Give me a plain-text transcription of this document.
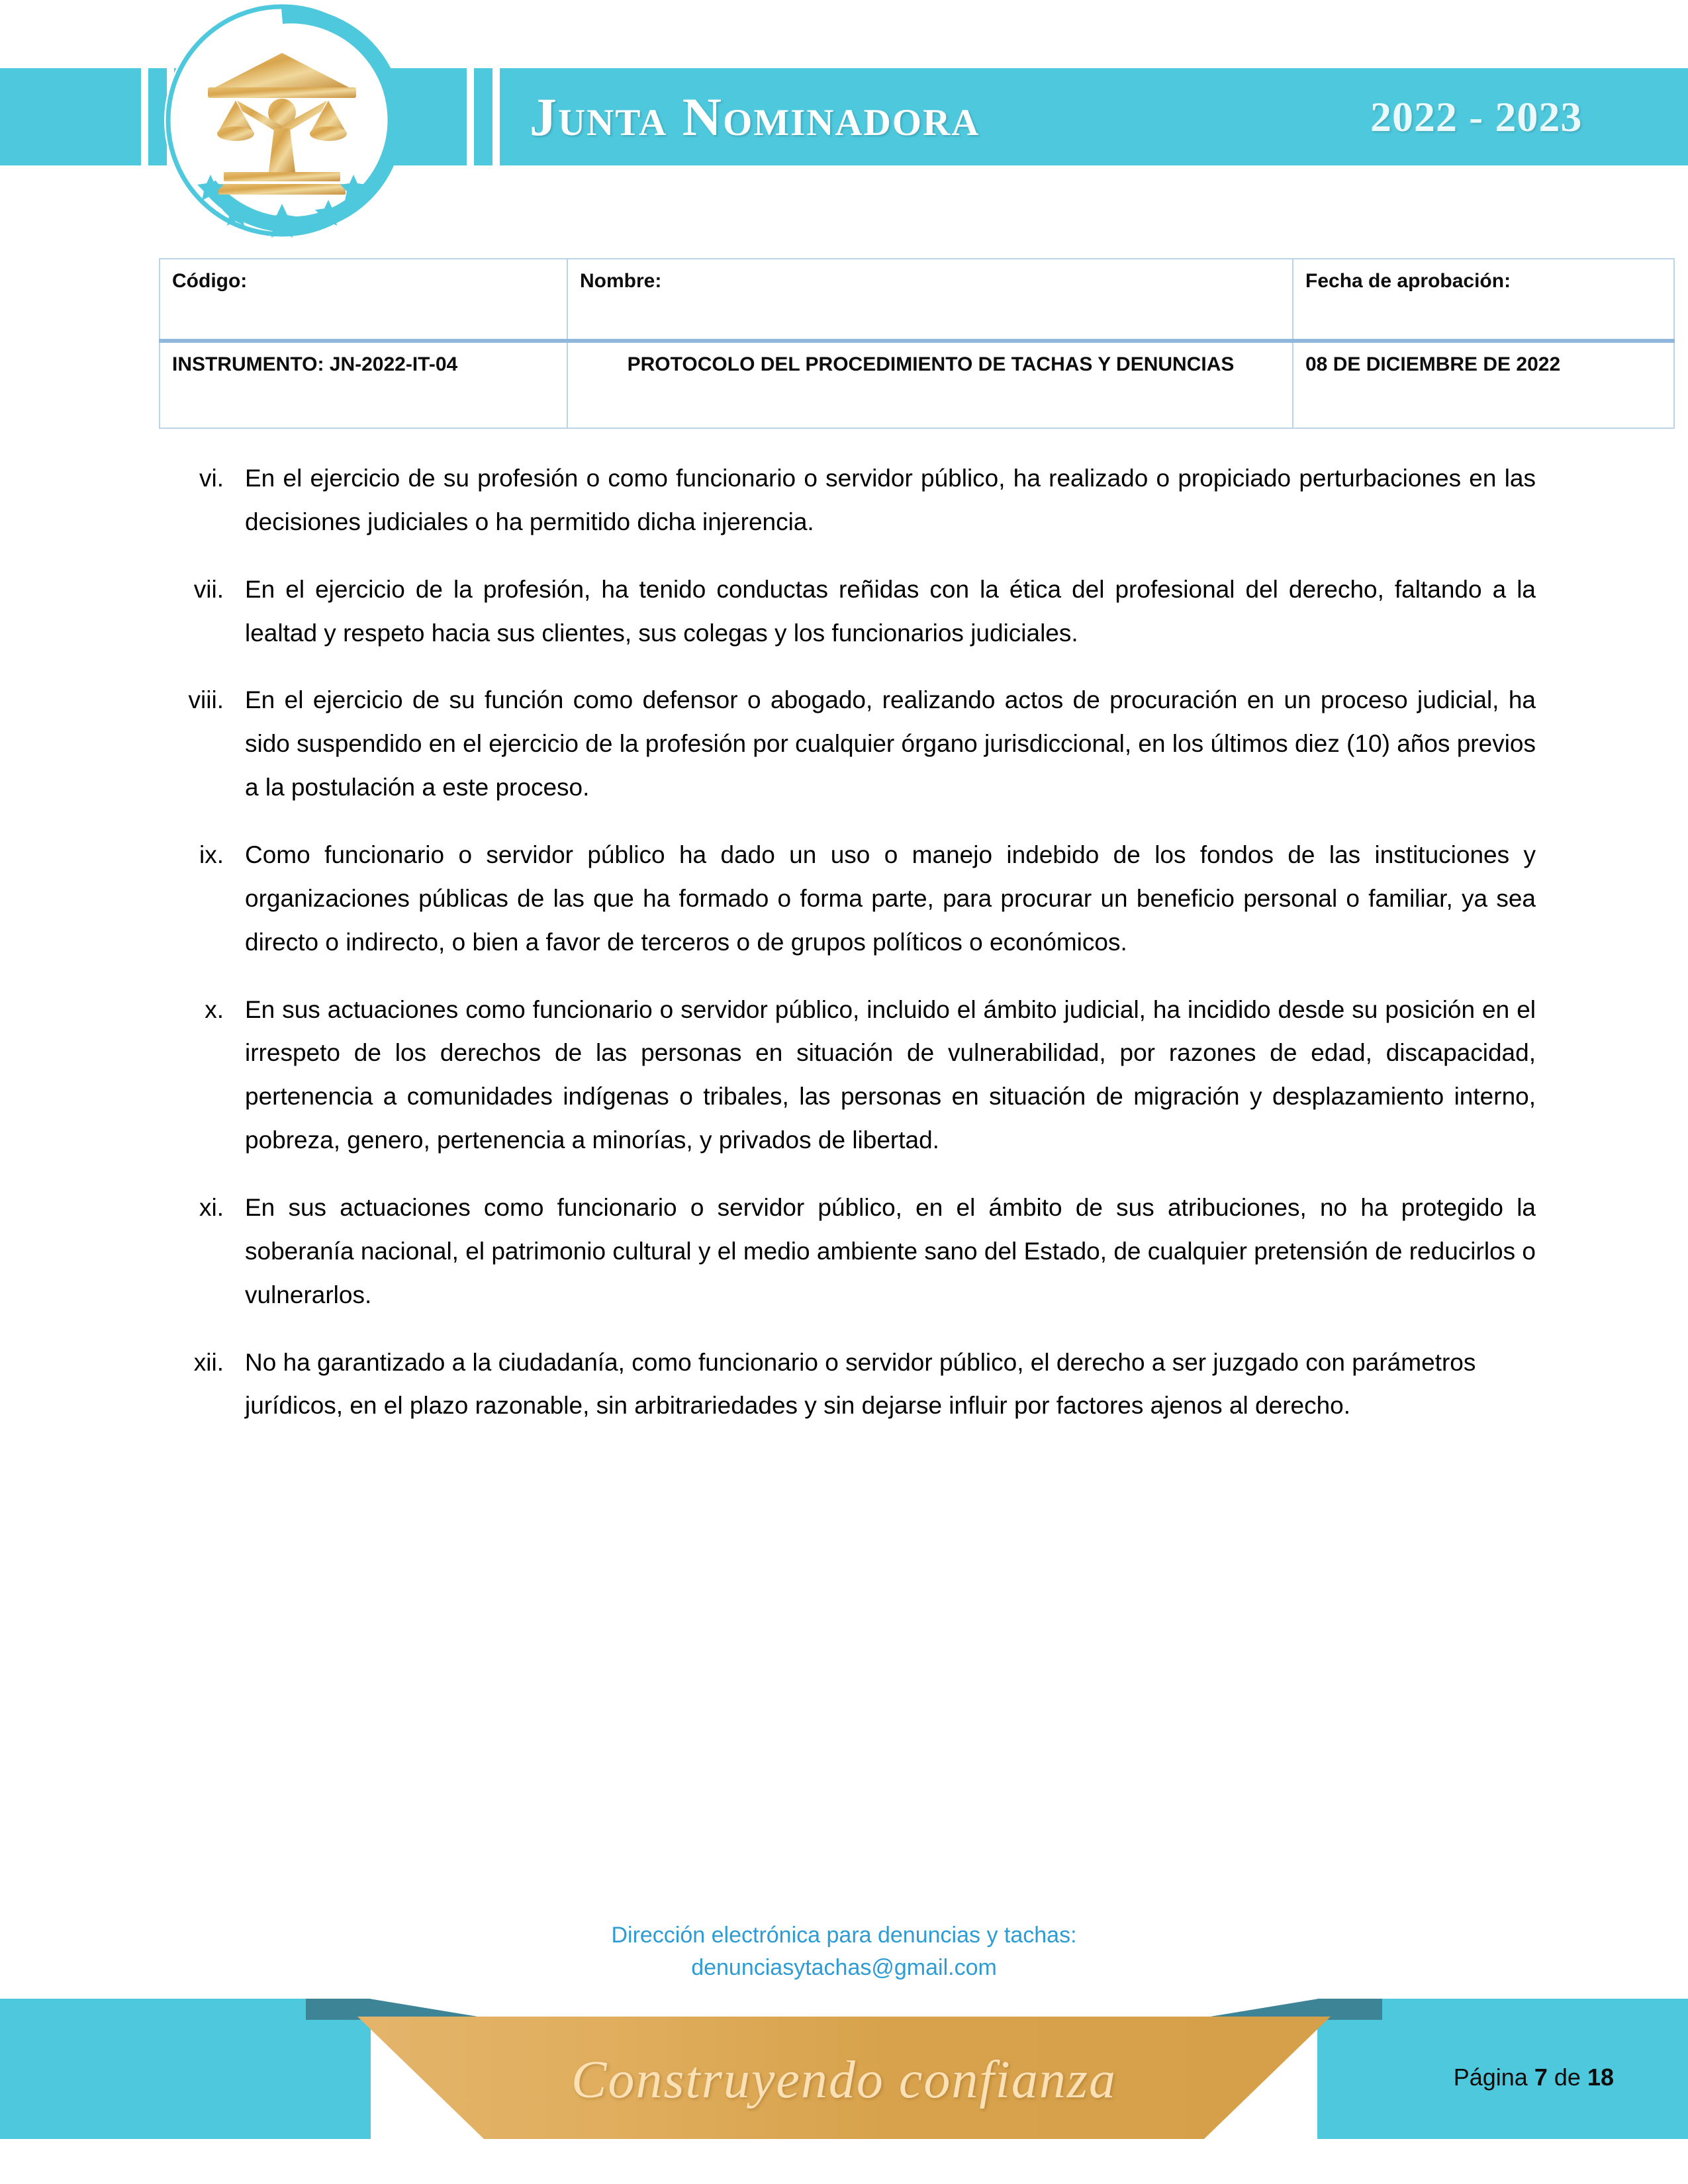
Junta Nominadora	2022 - 2023
Código:	Nombre:	Fecha de aprobación:
INSTRUMENTO: JN-2022-IT-04	PROTOCOLO DEL PROCEDIMIENTO DE TACHAS Y DENUNCIAS	08 DE DICIEMBRE DE 2022
vi. En el ejercicio de su profesión o como funcionario o servidor público, ha realizado o propiciado perturbaciones en las decisiones judiciales o ha permitido dicha injerencia.
vii. En el ejercicio de la profesión, ha tenido conductas reñidas con la ética del profesional del derecho, faltando a la lealtad y respeto hacia sus clientes, sus colegas y los funcionarios judiciales.
viii. En el ejercicio de su función como defensor o abogado, realizando actos de procuración en un proceso judicial, ha sido suspendido en el ejercicio de la profesión por cualquier órgano jurisdiccional, en los últimos diez (10) años previos a la postulación a este proceso.
ix. Como funcionario o servidor público ha dado un uso o manejo indebido de los fondos de las instituciones y organizaciones públicas de las que ha formado o forma parte, para procurar un beneficio personal o familiar, ya sea directo o indirecto, o bien a favor de terceros o de grupos políticos o económicos.
x. En sus actuaciones como funcionario o servidor público, incluido el ámbito judicial, ha incidido desde su posición en el irrespeto de los derechos de las personas en situación de vulnerabilidad, por razones de edad, discapacidad, pertenencia a comunidades indígenas o tribales, las personas en situación de migración y desplazamiento interno, pobreza, genero, pertenencia a minorías, y privados de libertad.
xi. En sus actuaciones como funcionario o servidor público, en el ámbito de sus atribuciones, no ha protegido la soberanía nacional, el patrimonio cultural y el medio ambiente sano del Estado, de cualquier pretensión de reducirlos o vulnerarlos.
xii. No ha garantizado a la ciudadanía, como funcionario o servidor público, el derecho a ser juzgado con parámetros jurídicos, en el plazo razonable, sin arbitrariedades y sin dejarse influir por factores ajenos al derecho.
Dirección electrónica para denuncias y tachas:
denunciasytachas@gmail.com
Construyendo confianza	Página 7 de 18
